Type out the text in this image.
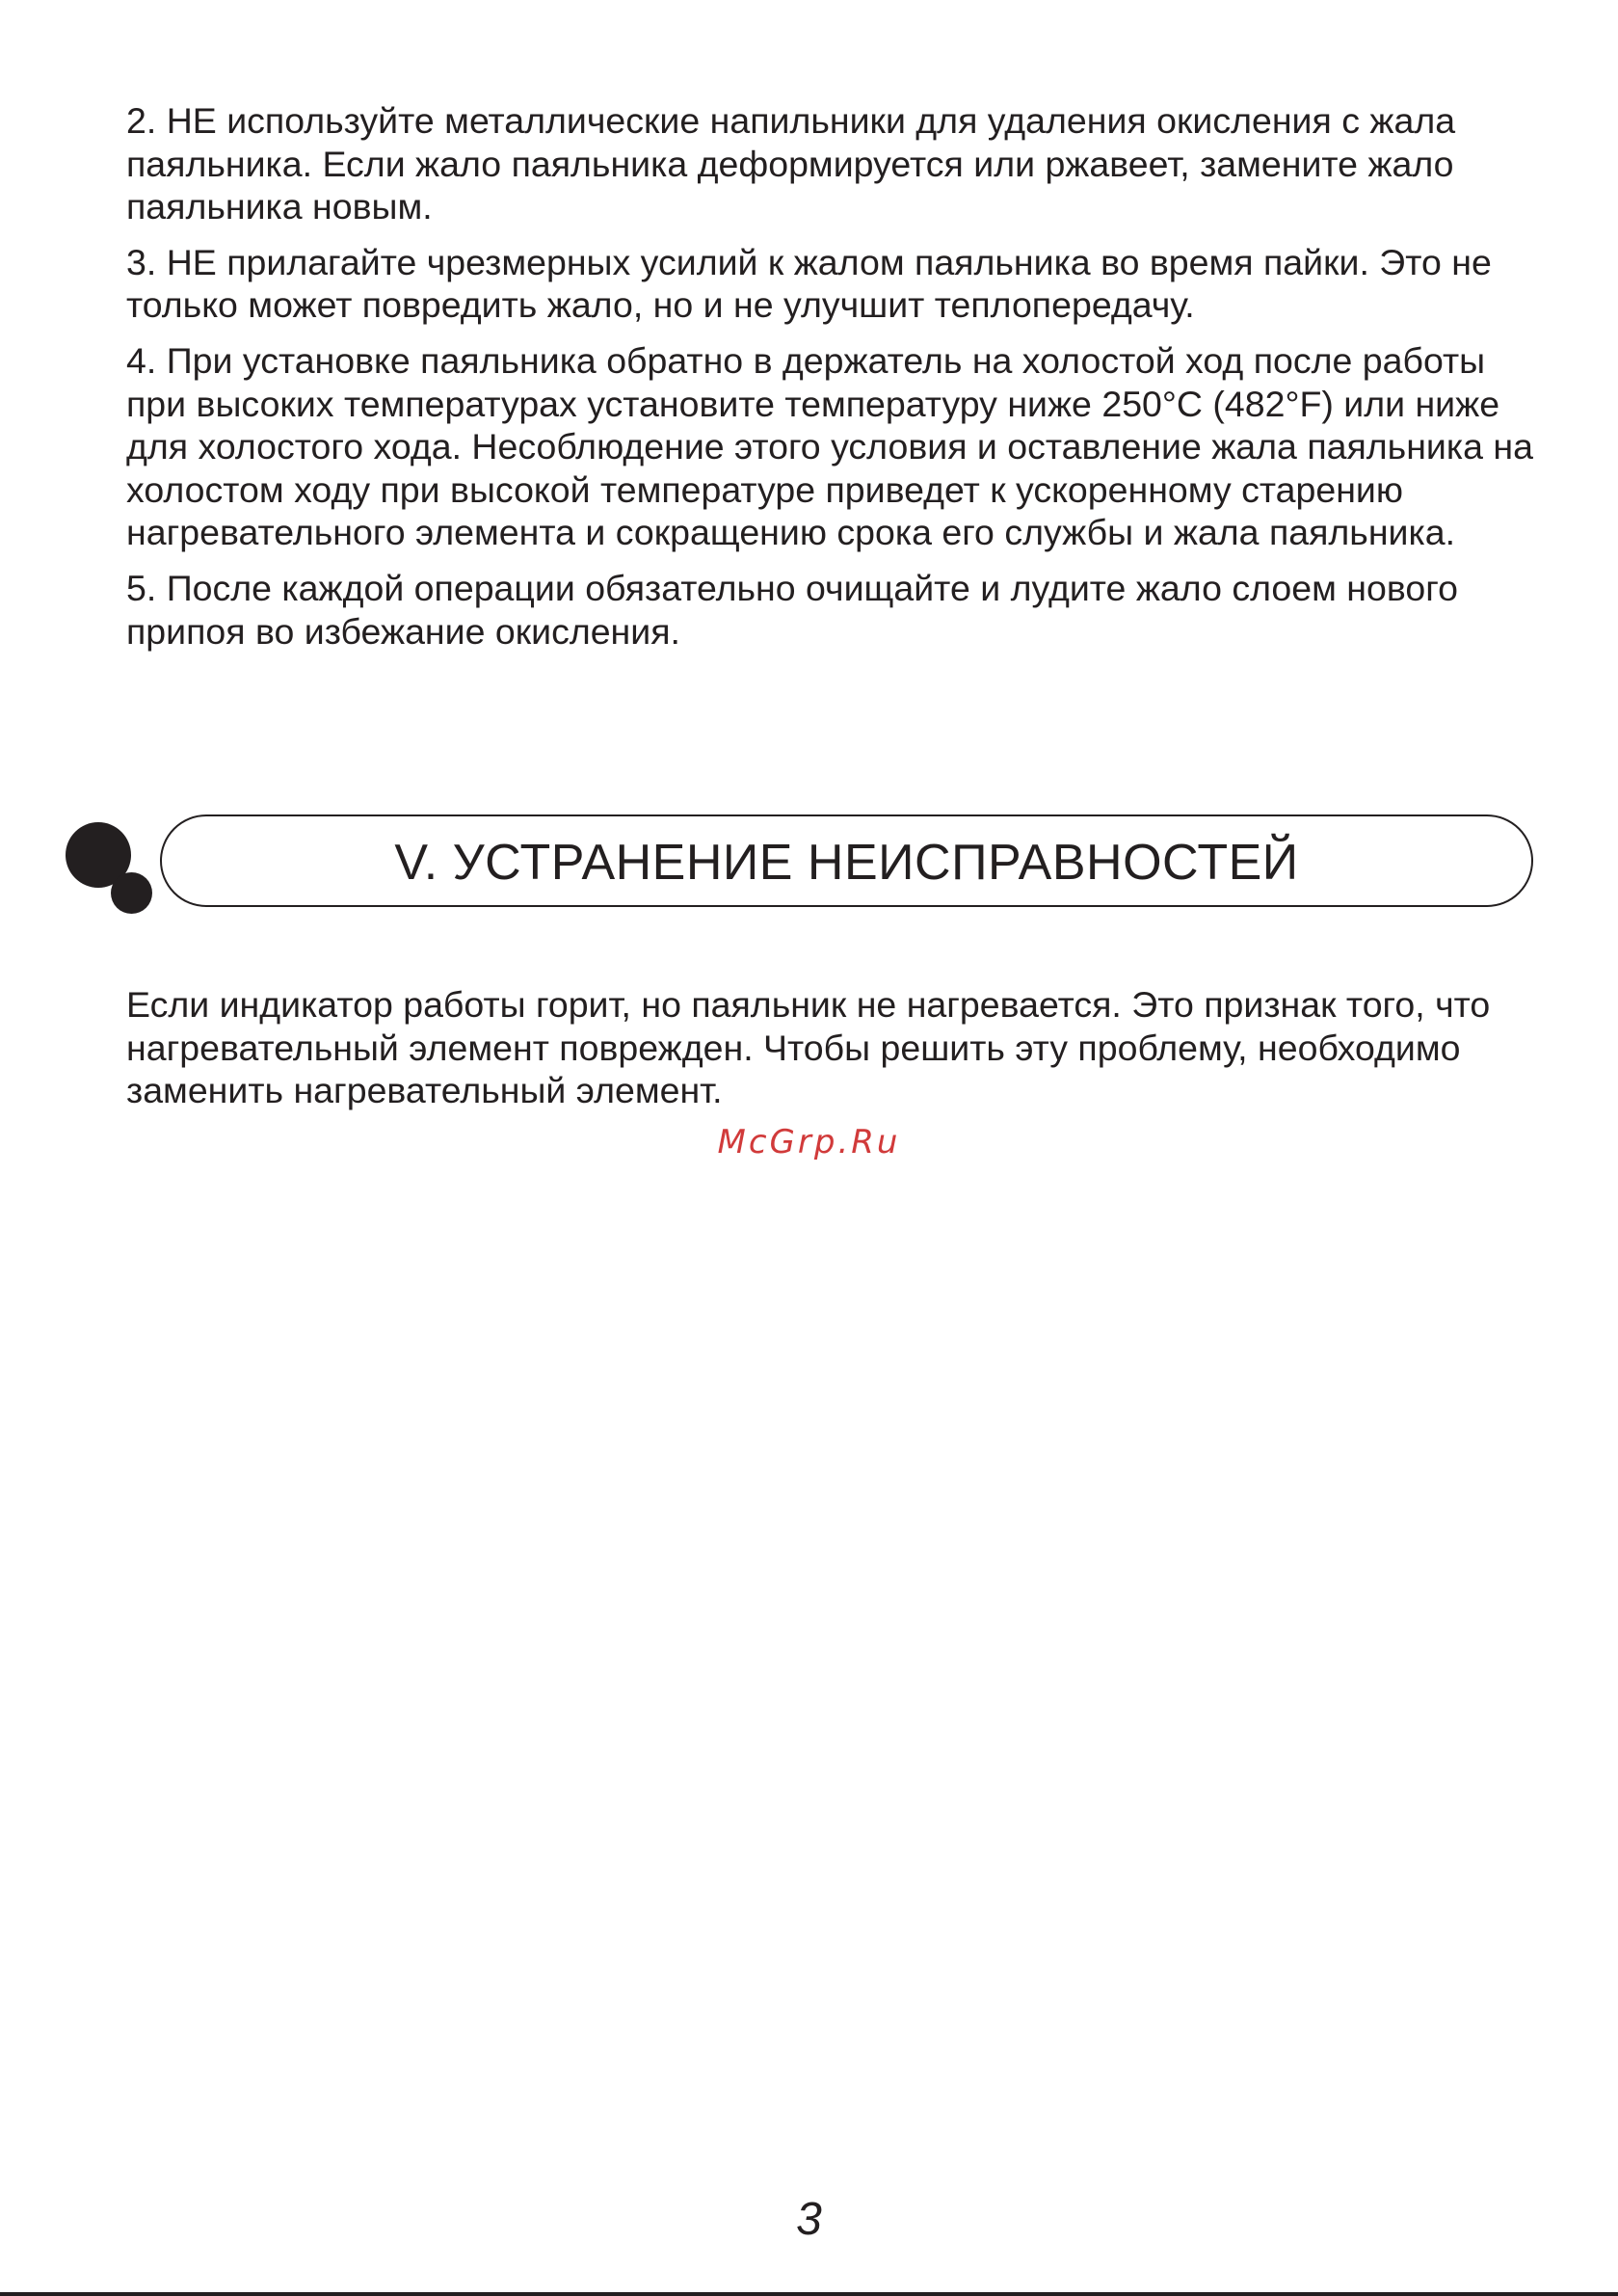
2. НЕ используйте металлические напильники для удаления окисления с жала паяльника. Если жало паяльника деформируется или ржавеет, замените жало паяльника новым.
3. НЕ прилагайте чрезмерных усилий к жалом паяльника во время пайки. Это не только может повредить жало, но и не улучшит теплопередачу.
4. При установке паяльника обратно в держатель на холостой ход после работы при высоких температурах установите температуру ниже 250°C (482°F) или ниже для холостого хода. Несоблюдение этого условия и оставление жала паяльника на холостом ходу при высокой температуре приведет к ускоренному старению нагревательного элемента и сокращению срока его службы и жала паяльника.
5. После каждой операции обязательно очищайте и лудите жало слоем нового припоя во избежание окисления.
V. УСТРАНЕНИЕ НЕИСПРАВНОСТЕЙ

Если индикатор работы горит, но паяльник не нагревается. Это признак того, что нагревательный элемент поврежден. Чтобы решить эту проблему, необходимо заменить нагревательный элемент.

McGrp.Ru
3
